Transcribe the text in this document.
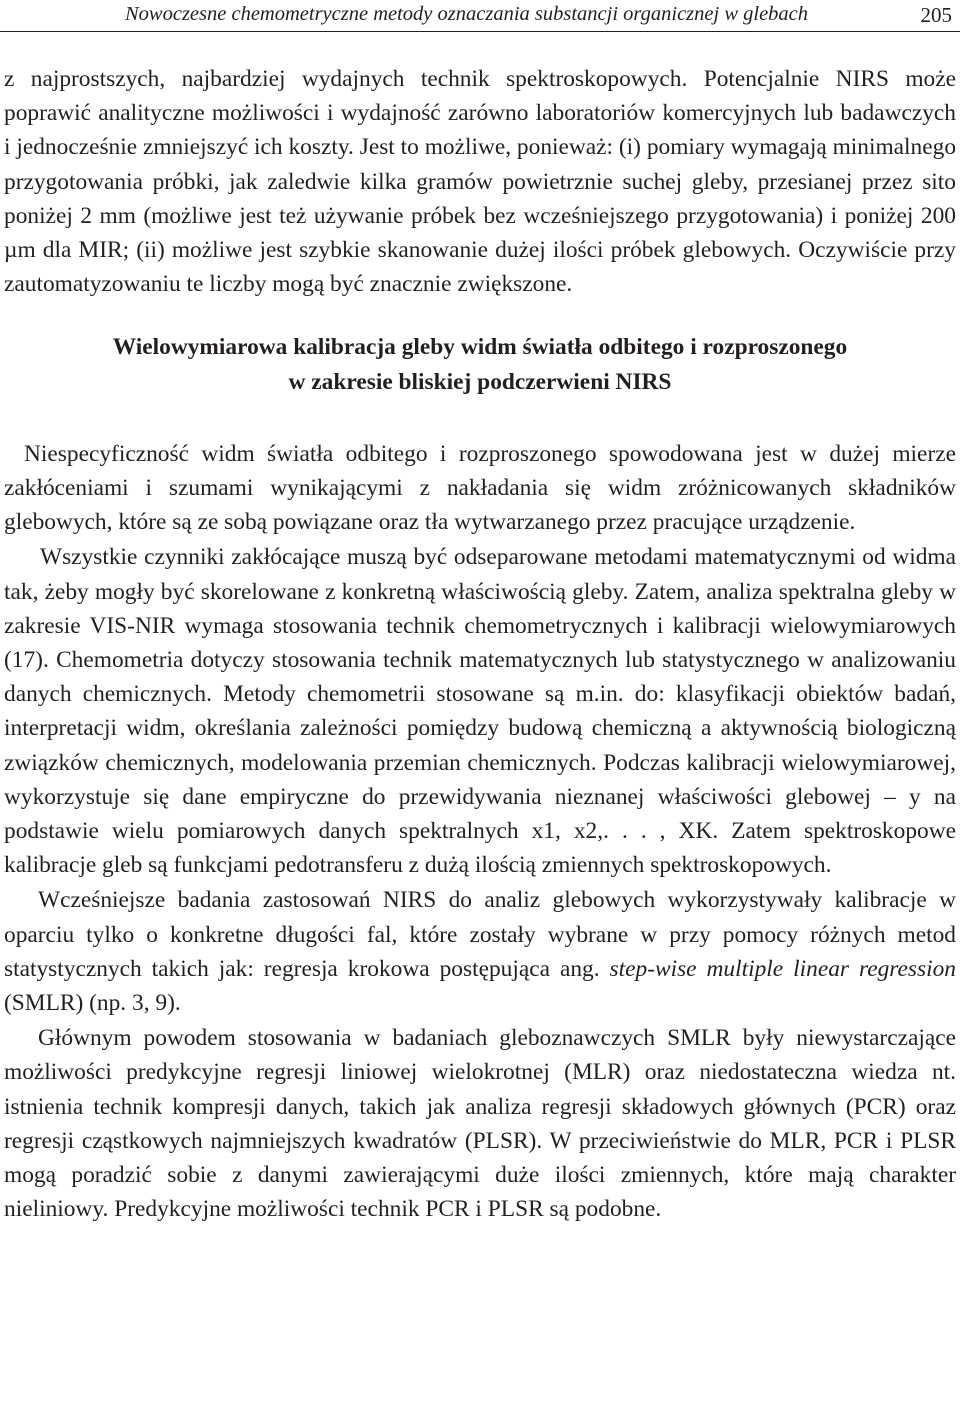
Nowoczesne chemometryczne metody oznaczania substancji organicznej w glebach	205

z najprostszych, najbardziej wydajnych technik spektroskopowych. Potencjalnie NIRS może poprawić analityczne możliwości i wydajność zarówno laboratoriów komercyjnych lub badawczych i jednocześnie zmniejszyć ich koszty. Jest to możliwe, ponieważ: (i) pomiary wymagają minimalnego przygotowania próbki, jak zaledwie kilka gramów powietrznie suchej gleby, przesianej przez sito poniżej 2 mm (możliwe jest też używanie próbek bez wcześniejszego przygotowania) i poniżej 200 µm dla MIR; (ii) możliwe jest szybkie skanowanie dużej ilości próbek glebowych. Oczywiście przy zautomatyzowaniu te liczby mogą być znacznie zwiększone.

Wielowymiarowa kalibracja gleby widm światła odbitego i rozproszonego
w zakresie bliskiej podczerwieni NIRS

Niespecyficzność widm światła odbitego i rozproszonego spowodowana jest w dużej mierze zakłóceniami i szumami wynikającymi z nakładania się widm zróżnicowanych składników glebowych, które są ze sobą powiązane oraz tła wytwarzanego przez pracujące urządzenie.

Wszystkie czynniki zakłócające muszą być odseparowane metodami matematycznymi od widma tak, żeby mogły być skorelowane z konkretną właściwością gleby. Zatem, analiza spektralna gleby w zakresie VIS-NIR wymaga stosowania technik chemometrycznych i kalibracji wielowymiarowych (17). Chemometria dotyczy stosowania technik matematycznych lub statystycznego w analizowaniu danych chemicznych. Metody chemometrii stosowane są m.in. do: klasyfikacji obiektów badań, interpretacji widm, określania zależności pomiędzy budową chemiczną a aktywnością biologiczną związków chemicznych, modelowania przemian chemicznych. Podczas kalibracji wielowymiarowej, wykorzystuje się dane empiryczne do przewidywania nieznanej właściwości glebowej – y na podstawie wielu pomiarowych danych spektralnych x1, x2,. . . , XK. Zatem spektroskopowe kalibracje gleb są funkcjami pedotransferu z dużą ilością zmiennych spektroskopowych.

Wcześniejsze badania zastosowań NIRS do analiz glebowych wykorzystywały kalibracje w oparciu tylko o konkretne długości fal, które zostały wybrane w przy pomocy różnych metod statystycznych takich jak: regresja krokowa postępująca ang. step-wise multiple linear regression (SMLR) (np. 3, 9).

Głównym powodem stosowania w badaniach gleboznawczych SMLR były niewystarczające możliwości predykcyjne regresji liniowej wielokrotnej (MLR) oraz niedostateczna wiedza nt. istnienia technik kompresji danych, takich jak analiza regresji składowych głównych (PCR) oraz regresji cząstkowych najmniejszych kwadratów (PLSR). W przeciwieństwie do MLR, PCR i PLSR mogą poradzić sobie z danymi zawierającymi duże ilości zmiennych, które mają charakter nieliniowy. Predykcyjne możliwości technik PCR i PLSR są podobne.
